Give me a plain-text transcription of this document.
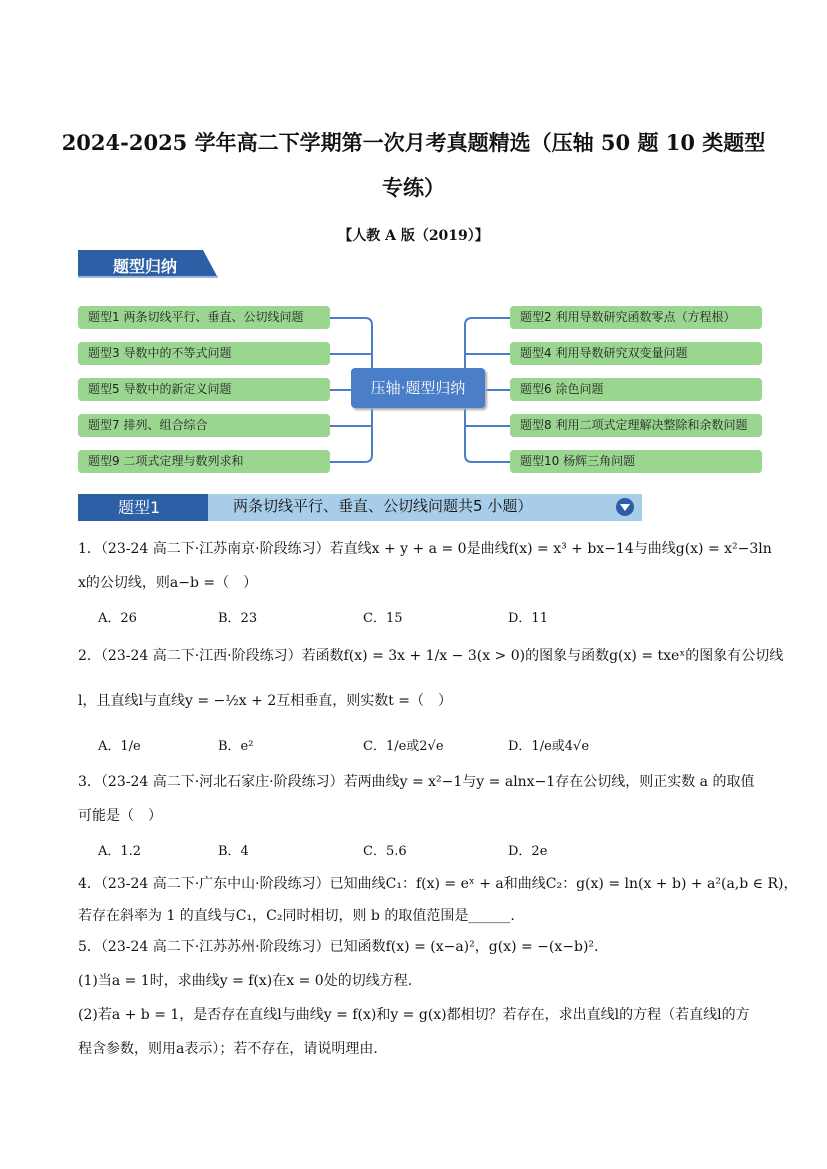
2024-2025 学年高二下学期第一次月考真题精选（压轴 50 题 10 类题型
专练）
【人教 A 版（2019）】
题型归纳
题型1 两条切线平行、垂直、公切线问题
题型3 导数中的不等式问题
题型5 导数中的新定义问题
题型7 排列、组合综合
题型9 二项式定理与数列求和
压轴·题型归纳
题型2 利用导数研究函数零点（方程根）
题型4 利用导数研究双变量问题
题型6 涂色问题
题型8 利用二项式定理解决整除和余数问题
题型10 杨辉三角问题
两条切线平行、垂直、公切线问题共5 小题）
题型1
1．（23-24 高二下·江苏南京·阶段练习）若直线x + y + a = 0是曲线f(x) = x³ + bx−14与曲线g(x) = x²−3ln
x的公切线，则a−b =（　）
A．26	B．23	C．15	D．11
2．（23-24 高二下·江西·阶段练习）若函数f(x) = 3x + 1/x − 3(x > 0)的图象与函数g(x) = txeˣ的图象有公切线
l，且直线l与直线y = −½x + 2互相垂直，则实数t =（　）
A．1/e	B．e²	C．1/e或2√e	D．1/e或4√e
3．（23-24 高二下·河北石家庄·阶段练习）若两曲线y = x²−1与y = alnx−1存在公切线，则正实数 a 的取值
可能是（　）
A．1.2	B．4	C．5.6	D．2e
4．（23-24 高二下·广东中山·阶段练习）已知曲线C₁：f(x) = eˣ + a和曲线C₂：g(x) = ln(x + b) + a²(a,b ∈ R)，
若存在斜率为 1 的直线与C₁，C₂同时相切，则 b 的取值范围是______.
5．（23-24 高二下·江苏苏州·阶段练习）已知函数f(x) = (x−a)²，g(x) = −(x−b)².
(1)当a = 1时，求曲线y = f(x)在x = 0处的切线方程.
(2)若a + b = 1，是否存在直线l与曲线y = f(x)和y = g(x)都相切？若存在，求出直线l的方程（若直线l的方
程含参数，则用a表示）；若不存在，请说明理由.
